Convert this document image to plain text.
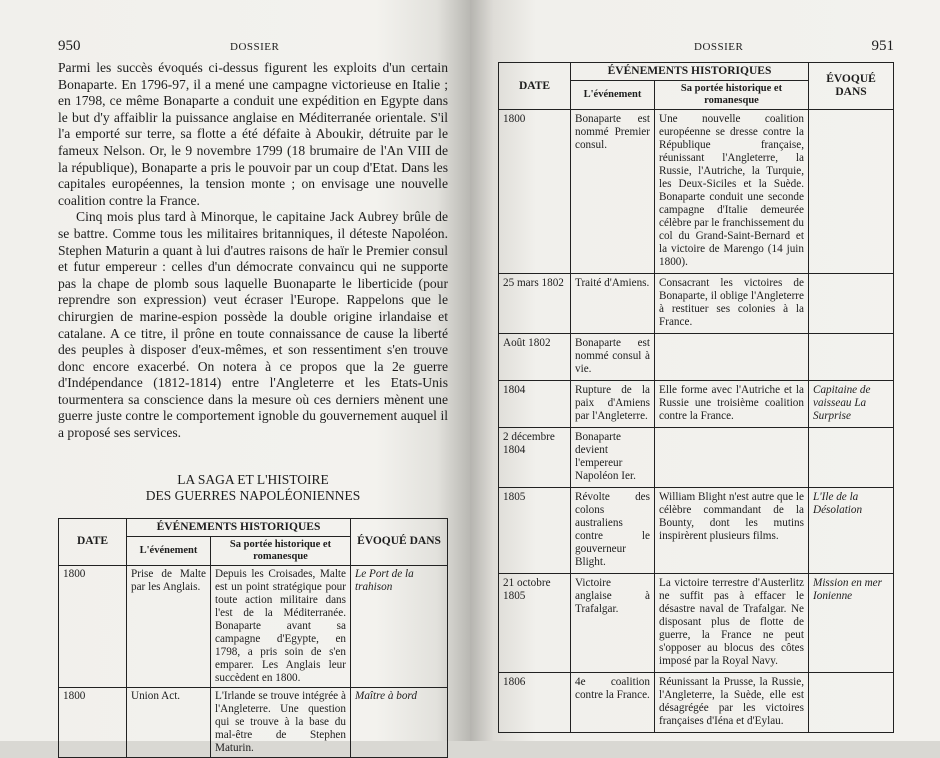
950	DOSSIER

Parmi les succès évoqués ci-dessus figurent les exploits d'un certain Bonaparte. En 1796-97, il a mené une campagne victorieuse en Italie ; en 1798, ce même Bonaparte a conduit une expédition en Egypte dans le but d'y affaiblir la puissance anglaise en Méditerranée orientale. S'il l'a emporté sur terre, sa flotte a été défaite à Aboukir, détruite par le fameux Nelson. Or, le 9 novembre 1799 (18 brumaire de l'An VIII de la république), Bonaparte a pris le pouvoir par un coup d'Etat. Dans les capitales européennes, la tension monte ; on envisage une nouvelle coalition contre la France.

Cinq mois plus tard à Minorque, le capitaine Jack Aubrey brûle de se battre. Comme tous les militaires britanniques, il déteste Napoléon. Stephen Maturin a quant à lui d'autres raisons de haïr le Premier consul et futur empereur : celles d'un démocrate convaincu qui ne supporte pas la chape de plomb sous laquelle Buonaparte le liberticide (pour reprendre son expression) veut écraser l'Europe. Rappelons que le chirurgien de marine-espion possède la double origine irlandaise et catalane. A ce titre, il prône en toute connaissance de cause la liberté des peuples à disposer d'eux-mêmes, et son ressentiment s'en trouve donc encore exacerbé. On notera à ce propos que la 2e guerre d'Indépendance (1812-1814) entre l'Angleterre et les Etats-Unis tourmentera sa conscience dans la mesure où ces derniers mènent une guerre juste contre le comportement ignoble du gouvernement auquel il a proposé ses services.

LA SAGA ET L'HISTOIRE
DES GUERRES NAPOLÉONIENNES
DATE	ÉVÉNEMENTS HISTORIQUES		ÉVOQUÉ DANS
	L'événement	Sa portée historique et romanesque	
1800	Prise de Malte par les Anglais.	Depuis les Croisades, Malte est un point stratégique pour toute action militaire dans l'est de la Méditerranée. Bonaparte avant sa campagne d'Egypte, en 1798, a pris soin de s'en emparer. Les Anglais leur succèdent en 1800.	Le Port de la trahison
1800	Union Act.	L'Irlande se trouve intégrée à l'Angleterre. Une question qui se trouve à la base du mal-être de Stephen Maturin.	Maître à bord
DOSSIER	951
DATE	ÉVÉNEMENTS HISTORIQUES		ÉVOQUÉ DANS
	L'événement	Sa portée historique et romanesque	
1800	Bonaparte est nommé Premier consul.	Une nouvelle coalition européenne se dresse contre la République française, réunissant l'Angleterre, la Russie, l'Autriche, la Turquie, les Deux-Siciles et la Suède. Bonaparte conduit une seconde campagne d'Italie demeurée célèbre par le franchissement du col du Grand-Saint-Bernard et la victoire de Marengo (14 juin 1800).	
25 mars 1802	Traité d'Amiens.	Consacrant les victoires de Bonaparte, il oblige l'Angleterre à restituer ses colonies à la France.	
Août 1802	Bonaparte est nommé consul à vie.		
1804	Rupture de la paix d'Amiens par l'Angleterre.	Elle forme avec l'Autriche et la Russie une troisième coalition contre la France.	Capitaine de vaisseau La Surprise
2 décembre 1804	Bonaparte devient l'empereur Napoléon Ier.		
1805	Révolte des colons australiens contre le gouverneur Blight.	William Blight n'est autre que le célèbre commandant de la Bounty, dont les mutins inspirèrent plusieurs films.	L'Ile de la Désolation
21 octobre 1805	Victoire anglaise à Trafalgar.	La victoire terrestre d'Austerlitz ne suffit pas à effacer le désastre naval de Trafalgar. Ne disposant plus de flotte de guerre, la France ne peut s'opposer au blocus des côtes imposé par la Royal Navy.	Mission en mer Ionienne
1806	4e coalition contre la France.	Réunissant la Prusse, la Russie, l'Angleterre, la Suède, elle est désagrégée par les victoires françaises d'Iéna et d'Eylau.	
